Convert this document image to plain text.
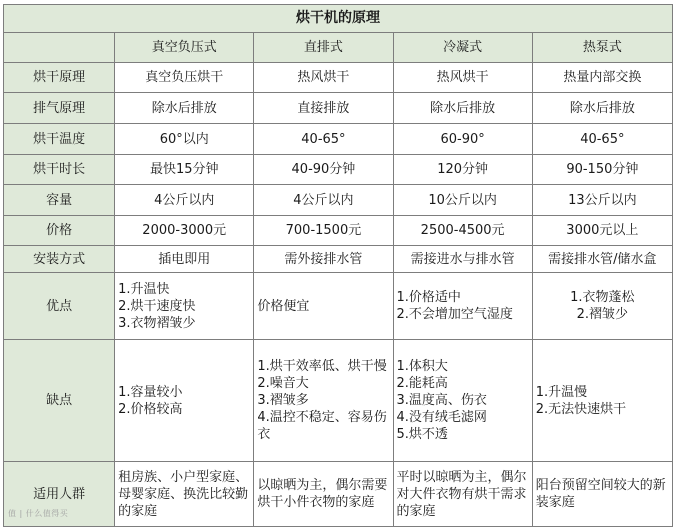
烘干机的原理				
	真空负压式	直排式	冷凝式	热泵式
烘干原理	真空负压烘干	热风烘干	热风烘干	热量内部交换
排气原理	除水后排放	直接排放	除水后排放	除水后排放
烘干温度	60°以内	40-65°	60-90°	40-65°
烘干时长	最快15分钟	40-90分钟	120分钟	90-150分钟
容量	4公斤以内	4公斤以内	10公斤以内	13公斤以内
价格	2000-3000元	700-1500元	2500-4500元	3000元以上
安装方式	插电即用	需外接排水管	需接进水与排水管	需接排水管/储水盒
优点	1.升温快
2.烘干速度快
3.衣物褶皱少	价格便宜	1.价格适中
2.不会增加空气湿度	1.衣物蓬松
2.褶皱少

缺点	1.容量较小
2.价格较高	1.烘干效率低、烘干慢
2.噪音大
3.褶皱多
4.温控不稳定、容易伤衣	1.体积大
2.能耗高
3.温度高、伤衣
4.没有绒毛滤网
5.烘不透	1.升温慢
2.无法快速烘干

适用人群	租房族、小户型家庭、母婴家庭、换洗比较勤的家庭	以晾晒为主，偶尔需要烘干小件衣物的家庭	平时以晾晒为主，偶尔对大件衣物有烘干需求的家庭	阳台预留空间较大的新装家庭
值 | 什么值得买
